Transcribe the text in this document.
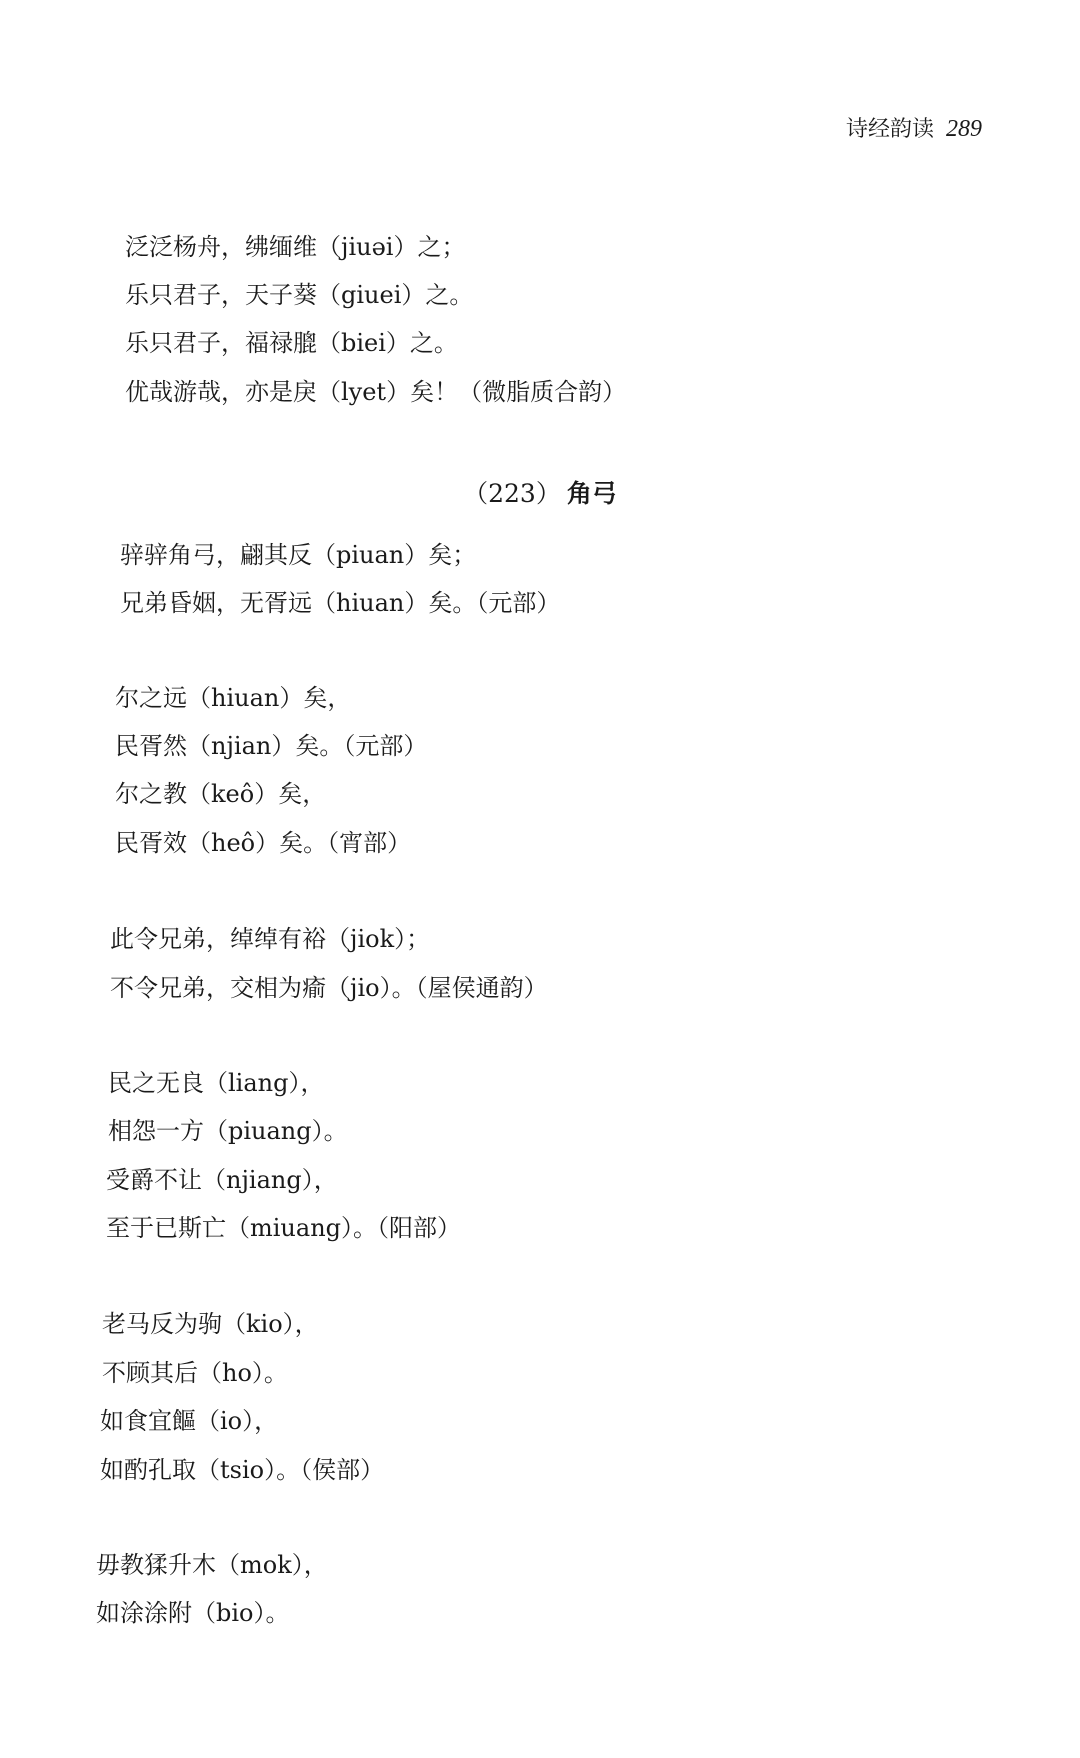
诗经韵读 289
泛泛杨舟，绋缅维（jiuəi）之；
乐只君子，天子葵（giuei）之。
乐只君子，福禄膍（biei）之。
优哉游哉，亦是戾（lyet）矣！（微脂质合韵）
（223） 角弓
骍骍角弓，翩其反（piuan）矣；
兄弟昏姻，无胥远（hiuan）矣。（元部）
尔之远（hiuan）矣，
民胥然（njian）矣。（元部）
尔之教（keô）矣，
民胥效（heô）矣。（宵部）
此令兄弟，绰绰有裕（jiok）；
不令兄弟，交相为瘉（jio）。（屋侯通韵）
民之无良（liang），
相怨一方（piuang）。
受爵不让（njiang），
至于已斯亡（miuang）。（阳部）
老马反为驹（kio），
不顾其后（ho）。
如食宜饇（io），
如酌孔取（tsio）。（侯部）
毋教猱升木（mok），
如涂涂附（bio）。
